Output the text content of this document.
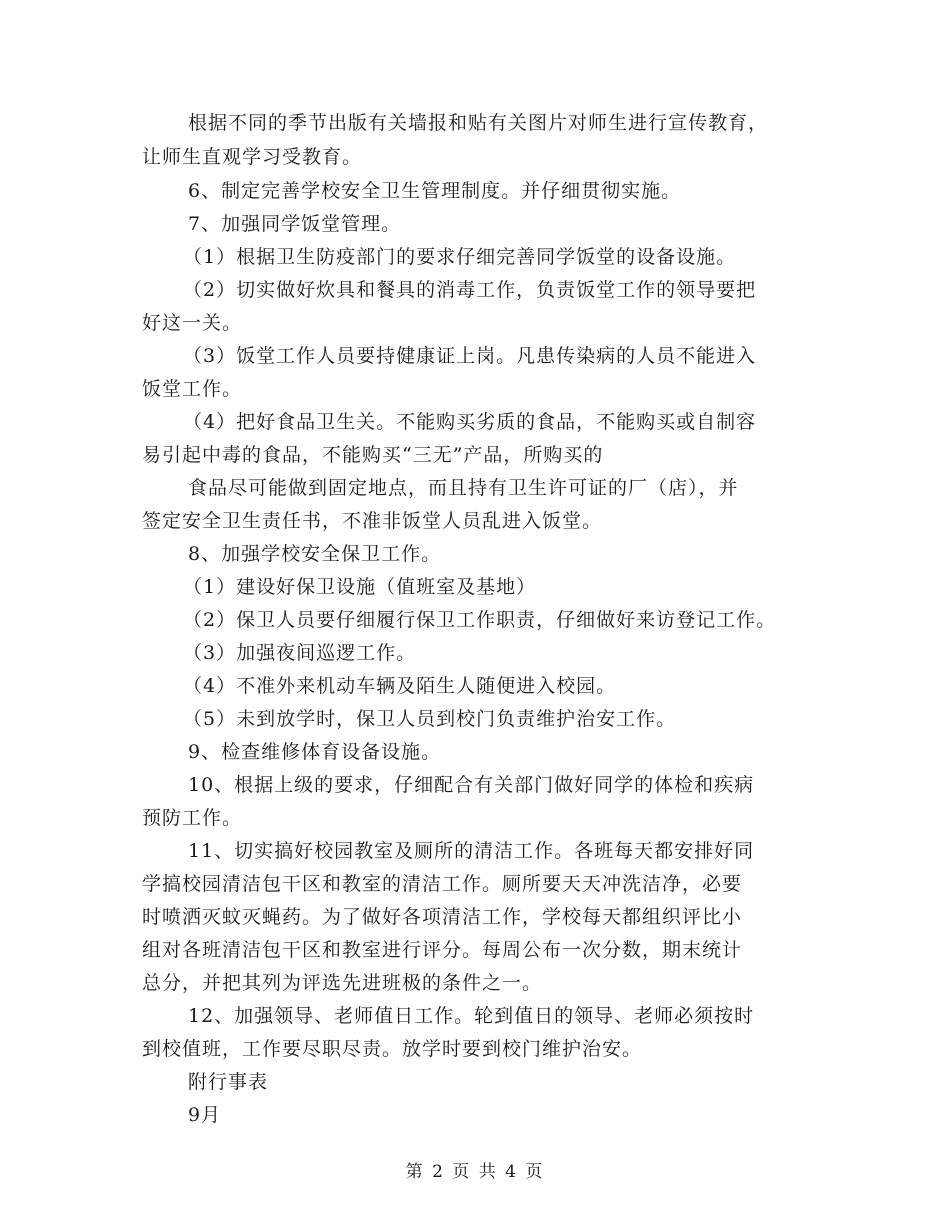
根据不同的季节出版有关墙报和贴有关图片对师生进行宣传教育，
让师生直观学习受教育。
6、制定完善学校安全卫生管理制度。并仔细贯彻实施。
7、加强同学饭堂管理。
（1）根据卫生防疫部门的要求仔细完善同学饭堂的设备设施。
（2）切实做好炊具和餐具的消毒工作，负责饭堂工作的领导要把
好这一关。
（3）饭堂工作人员要持健康证上岗。凡患传染病的人员不能进入
饭堂工作。
（4）把好食品卫生关。不能购买劣质的食品，不能购买或自制容
易引起中毒的食品，不能购买“三无”产品，所购买的
食品尽可能做到固定地点，而且持有卫生许可证的厂（店），并
签定安全卫生责任书，不准非饭堂人员乱进入饭堂。
8、加强学校安全保卫工作。
（1）建设好保卫设施（值班室及基地）
（2）保卫人员要仔细履行保卫工作职责，仔细做好来访登记工作。
（3）加强夜间巡逻工作。
（4）不准外来机动车辆及陌生人随便进入校园。
（5）未到放学时，保卫人员到校门负责维护治安工作。
9、检查维修体育设备设施。
10、根据上级的要求，仔细配合有关部门做好同学的体检和疾病
预防工作。
11、切实搞好校园教室及厕所的清洁工作。各班每天都安排好同
学搞校园清洁包干区和教室的清洁工作。厕所要天天冲洗洁净，必要
时喷洒灭蚊灭蝇药。为了做好各项清洁工作，学校每天都组织评比小
组对各班清洁包干区和教室进行评分。每周公布一次分数，期末统计
总分，并把其列为评选先进班极的条件之一。
12、加强领导、老师值日工作。轮到值日的领导、老师必须按时
到校值班，工作要尽职尽责。放学时要到校门维护治安。
附行事表
9月
第 2 页 共 4 页
